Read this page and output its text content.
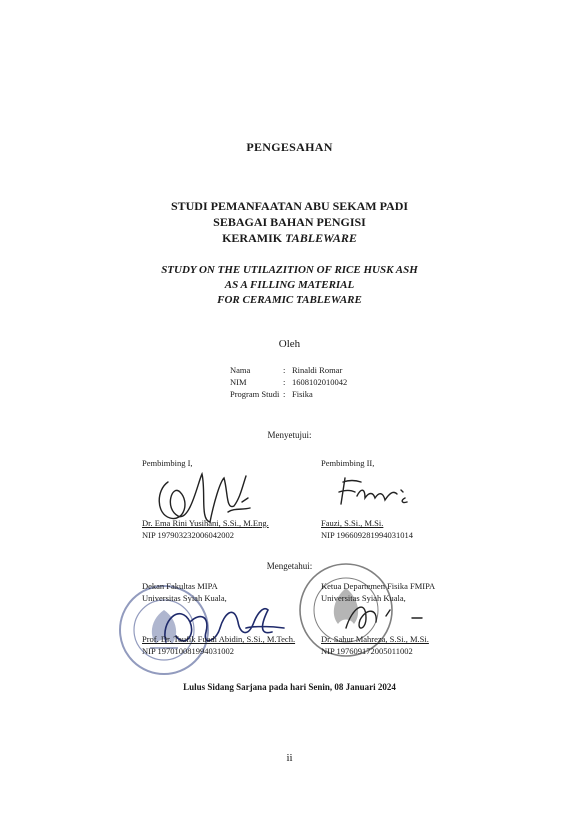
PENGESAHAN
STUDI PEMANFAATAN ABU SEKAM PADI
SEBAGAI BAHAN PENGISI
KERAMIK TABLEWARE
STUDY ON THE UTILAZITION OF RICE HUSK ASH
AS A FILLING MATERIAL
FOR CERAMIC TABLEWARE
Oleh
Nama	: Rinaldi Romar
NIM	: 1608102010042
Program Studi : Fisika
Menyetujui:
Pembimbing I,
Dr. Ema Rini Yusihani, S.Si., M.Eng.
NIP 197903232006042002
Pembimbing II,
Fauzi, S.Si., M.Si.
NIP 196609281994031014
Mengetahui:
Dekan Fakultas MIPA
Universitas Syiah Kuala,
Prof. Dr. Taufik Fuadi Abidin, S.Si., M.Tech.
NIP 197010081994031002
Ketua Departemen Fisika FMIPA
Universitas Syiah Kuala,
Dr. Sahur Mahreza, S.Si., M.Si.
NIP 197609172005011002
Lulus Sidang Sarjana pada hari Senin, 08 Januari 2024
ii
